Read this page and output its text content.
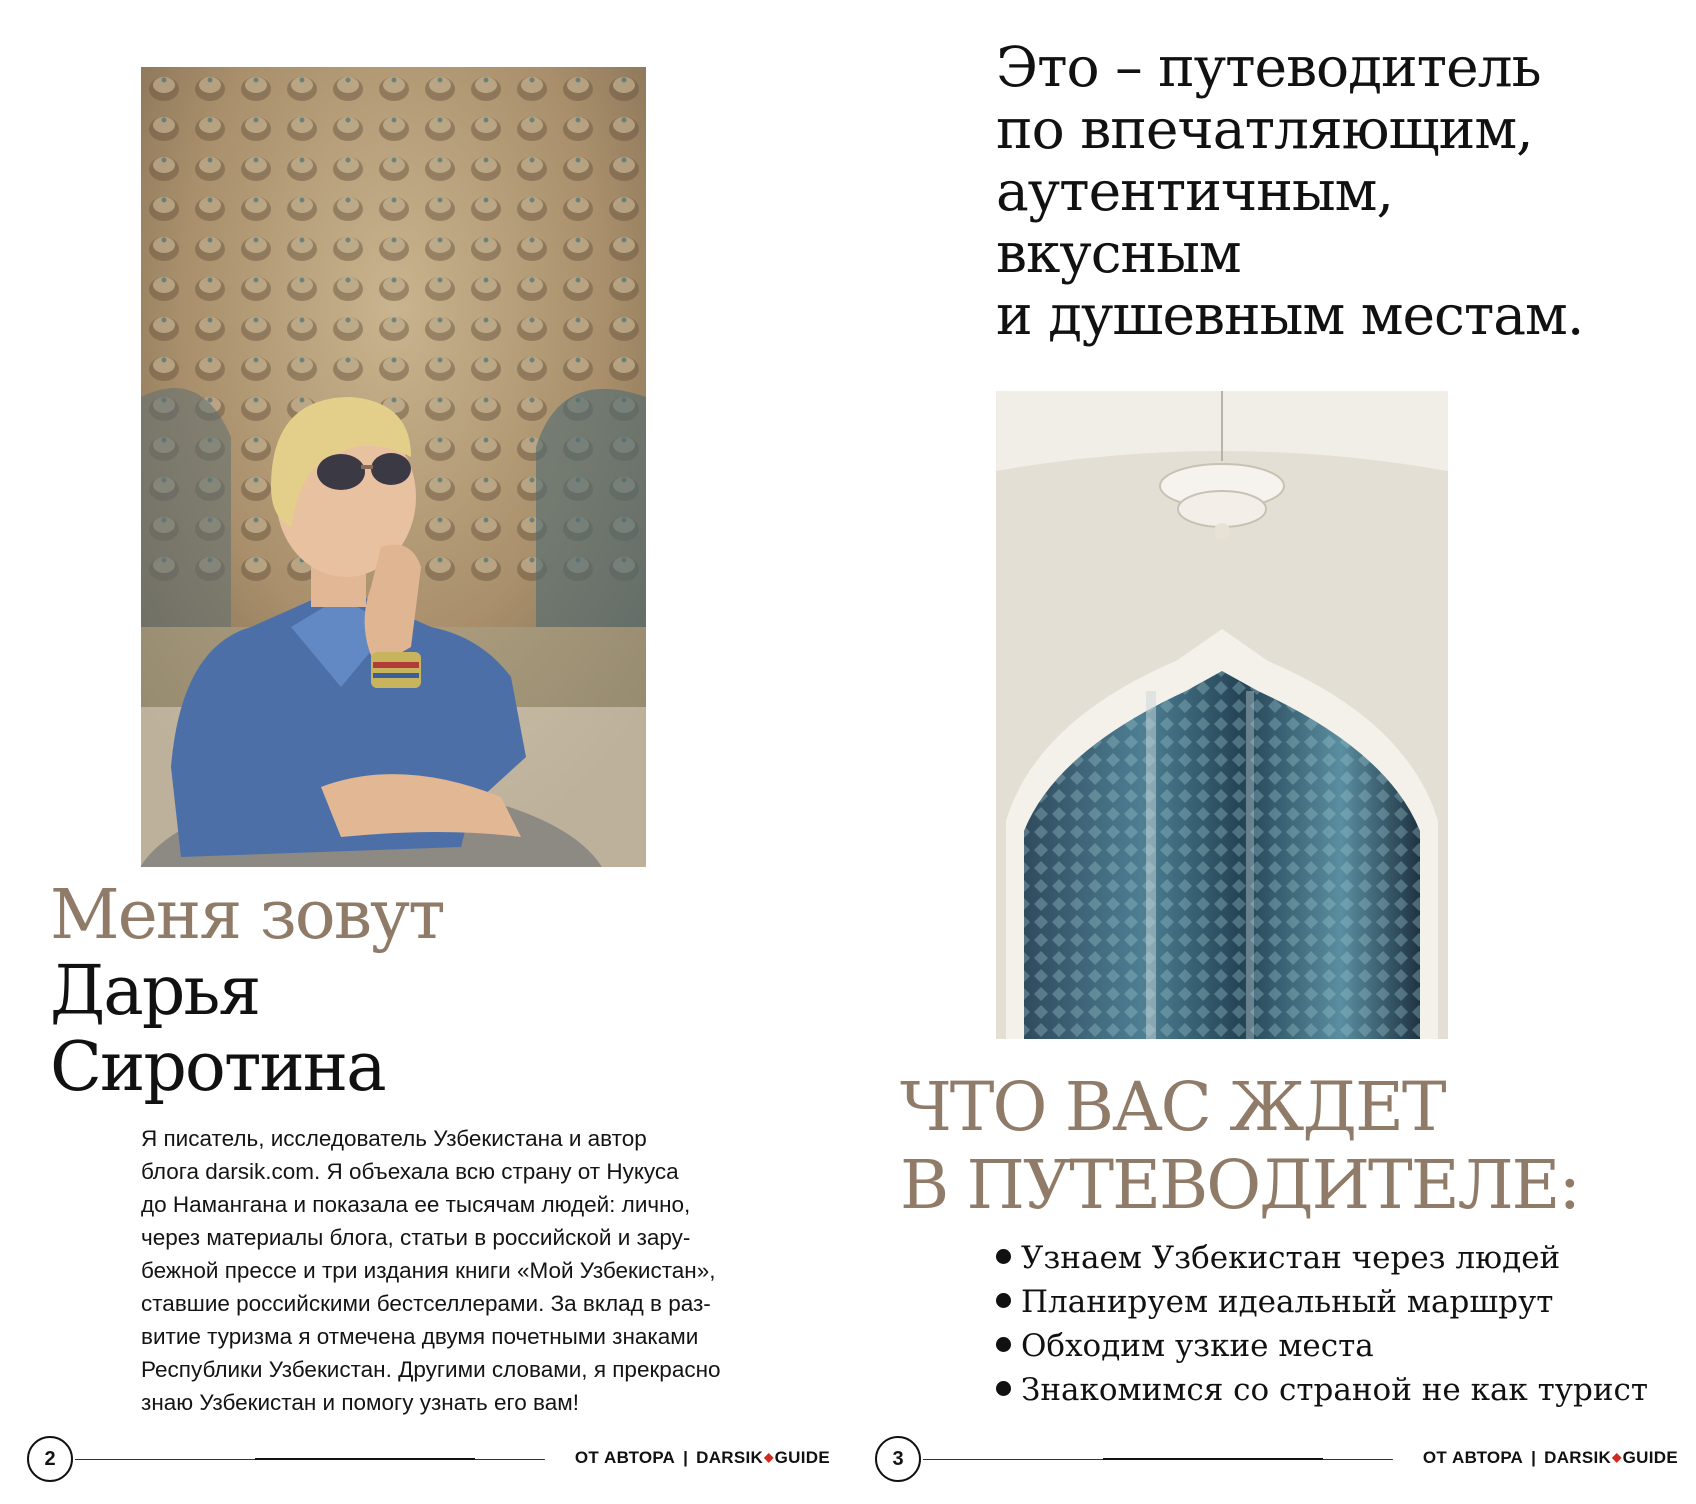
Меня зовут
Дарья
Сиротина
Я писатель, исследователь Узбекистана и автор
блога darsik.com. Я объехала всю страну от Нукуса
до Намангана и показала ее тысячам людей: лично,
через материалы блога, статьи в российской и зару-
бежной прессе и три издания книги «Мой Узбекистан»,
ставшие российскими бестселлерами. За вклад в раз-
витие туризма я отмечена двумя почетными знаками
Республики Узбекистан. Другими словами, я прекрасно
знаю Узбекистан и помогу узнать его вам!
2	ОТ АВТОРА | DARSIK◆GUIDE
Это – путеводитель
по впечатляющим,
аутентичным,
вкусным
и душевным местам.
ЧТО ВАС ЖДЕТ
В ПУТЕВОДИТЕЛЕ:
Узнаем Узбекистан через людей
Планируем идеальный маршрут
Обходим узкие места
Знакомимся со страной не как турист
3	ОТ АВТОРА | DARSIK◆GUIDE
